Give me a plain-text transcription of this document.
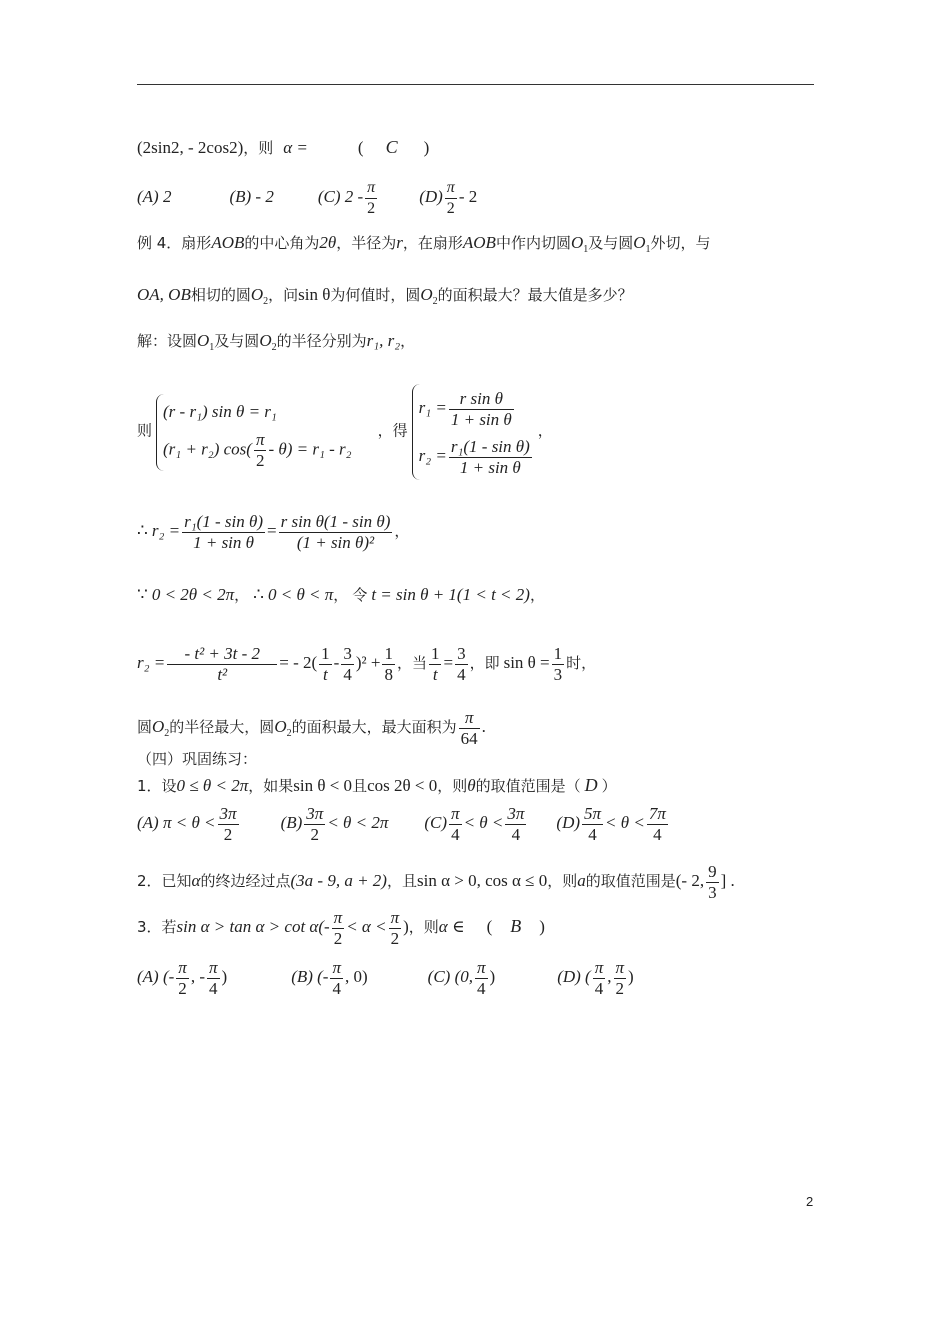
(2sin2, - 2cos2)，则 α =	( C )
(A) 2	(B) - 2	(C) $2 - \frac{\pi}{2} (D) \frac{\pi}{2} - 2$
例 4．扇形AOB的中心角为2θ，半径为r，在扇形AOB中作内切圆$O_1$及与圆$O_1$外切，与
OA, OB相切的圆$O_2$，问sin θ为何值时，圆$O_2$的面积最大？最大值是多少？
解：设圆$O_1$及与圆$O_2$的半径分别为r₁, r₂，
则
(r - r₁) sin θ = r₁
(r₁ + r₂) $\cos( \frac{\pi}{2} - \theta) = r_1 - r_2$
，得
$r_1 = \frac{\text{r sin θ}}{\text{1 + sin θ}}$
$r_2 = \frac{\text{r₁(1 - sin θ)}}{\text{1 + sin θ}}$
，
∴ $r_2 = \frac{\text{r₁(1 - sin θ)}}{\text{1 + sin θ}} = \frac{\text{r sin θ(1 - sin θ)}}{\text{(1 + sin θ)²}}$ ，
∵ 0 < 2θ < 2π， ∴ 0 < θ < π， 令 t = sin θ + 1(1 < t < 2)，
$r_2 = \frac{\text{- t² + 3t - 2}}{\text{t²}}$ = - $2( \frac{1}{t} - \frac{3}{4} )^2 + \frac{1}{8}$ ，当 $\frac{1}{t} = \frac{3}{4}$ ，即 $\sin \theta = \frac{1}{3}$ 时，
圆$O_2$的半径最大，圆$O_2$的面积最大，最大面积为 $\frac{\pi}{64}$ .
（四）巩固练习：
1．设0 ≤ θ < 2π，如果sin θ < 0且cos 2θ < 0，则θ的取值范围是（ D ）
(A) $\pi < \theta < \frac{3\pi}{2} (B) \frac{3\pi}{2} < \theta < 2\pi$ $(C) \frac{\pi}{4} < \theta < \frac{3\pi}{4} (D) \frac{5\pi}{4} < \theta < \frac{7\pi}{4}$
2．已知α的终边经过点(3a - 9, a + 2)，且sin α > 0, cos α ≤ 0，则a的取值范围是(- 2, $\frac{9}{3}$ ] .
3．若$\sin \alpha > \tan \alpha > \cot \alpha(- \frac{\pi}{2} < \alpha < \frac{\pi}{2}$ )，则α ∈ ( B )
(A) (- $\frac{\pi}{2}$ , - $\frac{\pi}{4}$ )	(B) (- $\frac{\pi}{4}$ , 0)	(C) (0, $\frac{\pi}{4}$ )	(D) ( $\frac{\pi}{4}$ , $\frac{\pi}{2}$ )
2
